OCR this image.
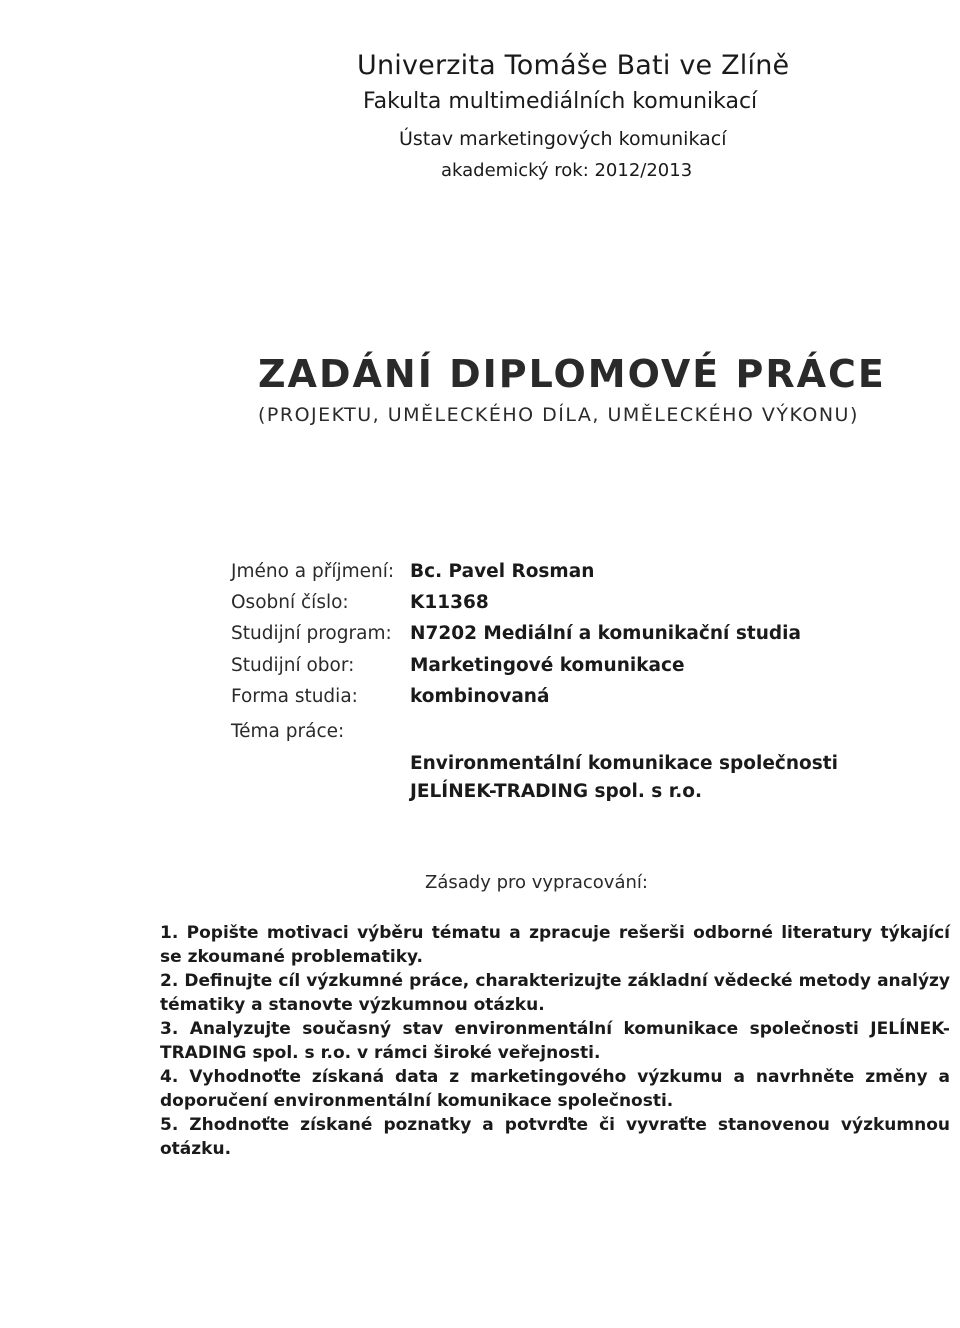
Univerzita Tomáše Bati ve Zlíně
Fakulta multimediálních komunikací
Ústav marketingových komunikací
akademický rok: 2012/2013
ZADÁNÍ DIPLOMOVÉ PRÁCE
(PROJEKTU, UMĚLECKÉHO DÍLA, UMĚLECKÉHO VÝKONU)
Jméno a příjmení: Bc. Pavel Rosman
Osobní číslo:	K11368
Studijní program: N7202 Mediální a komunikační studia
Studijní obor:	Marketingové komunikace
Forma studia:	kombinovaná
Téma práce:
Environmentální komunikace společnosti JELÍNEK-TRADING spol. s r.o.
Zásady pro vypracování:
1. Popište motivaci výběru tématu a zpracuje rešerši odborné literatury týkající se zkoumané problematiky.
2. Definujte cíl výzkumné práce, charakterizujte základní vědecké metody analýzy tématiky a stanovte výzkumnou otázku.
3. Analyzujte současný stav environmentální komunikace společnosti JELÍNEK-TRADING spol. s r.o. v rámci široké veřejnosti.
4. Vyhodnoťte získaná data z marketingového výzkumu a navrhněte změny a doporučení environmentální komunikace společnosti.
5. Zhodnoťte získané poznatky a potvrďte či vyvraťte stanovenou výzkumnou otázku.
